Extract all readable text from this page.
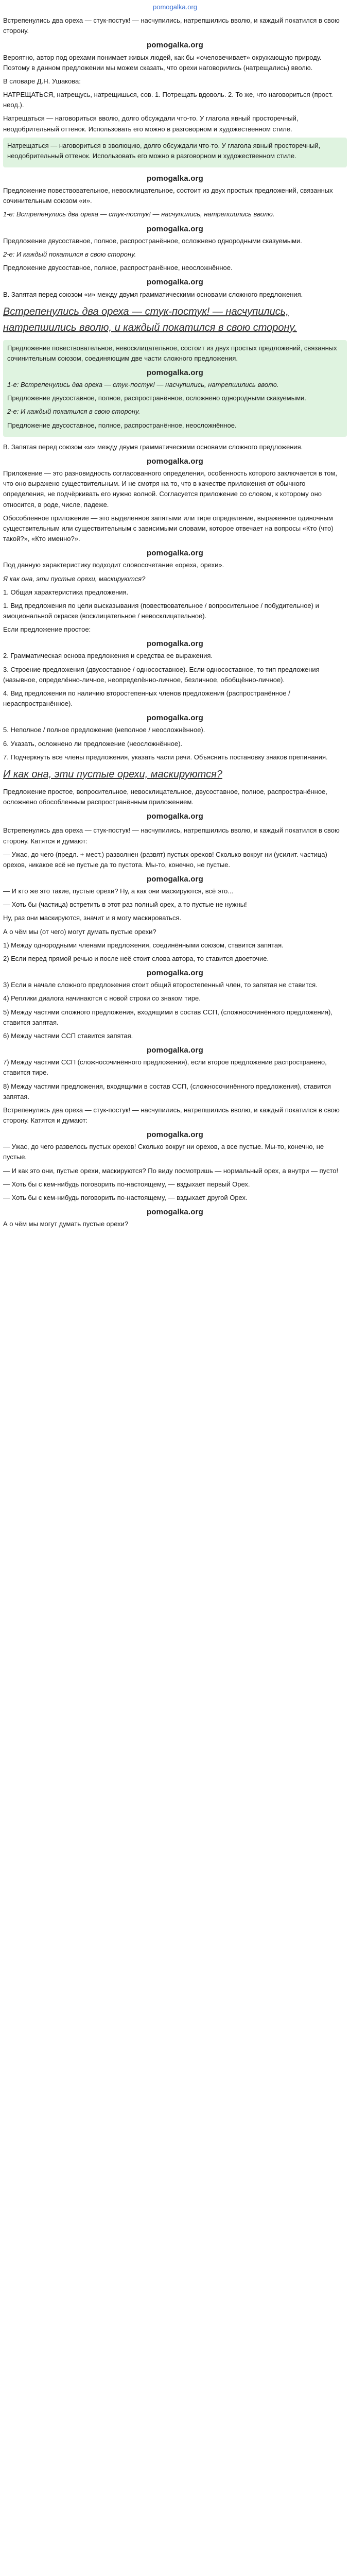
pomogalka.org

Встрепенулись два ореха — стук-постук! — насчупились, натрепшились вволю, и каждый покатился в свою сторону.

pomogalka.org

Вероятно, автор под орехами понимает живых людей, как бы «очеловечивает» окружающую природу. Поэтому в данном предложении мы можем сказать, что орехи наговорились (натрещались) вволю.

В словаре Д.Н. Ушакова:

НАТРЕЩАТЬСЯ, натрещусь, натрещишься, сов. 1. Потрещать вдоволь. 2. То же, что наговориться (прост. неод.).

Натрещаться — наговориться вволю, долго обсуждали что-то. У глагола явный просторечный, неодобрительный оттенок. Использовать его можно в разговорном и художественном стиле.

Натрещаться — наговориться в эволюцию, долго обсуждали что-то. У глагола явный просторечный, неодобрительный оттенок. Использовать его можно в разговорном и художественном стиле.

pomogalka.org

Предложение повествовательное, невосклицательное, состоит из двух простых предложений, связанных сочинительным союзом «и».

1-е: Встрепенулись два ореха — стук-постук! — насчупились, натрепшились вволю.

pomogalka.org

Предложение двусоставное, полное, распространённое, осложнено однородными сказуемыми.

2-е: И каждый покатился в свою сторону.

Предложение двусоставное, полное, распространённое, неосложнённое.

pomogalka.org

В. Запятая перед союзом «и» между двумя грамматическими основами сложного предложения.

Встрепенулись два ореха — стук-постук! — насчупились, натрепшились вволю, и каждый покатился в свою сторону.

Предложение повествовательное, невосклицательное, состоит из двух простых предложений, связанных сочинительным союзом, соединяющим две части сложного предложения.

pomogalka.org

1-е: Встрепенулись два ореха — стук-постук! — насчупились, натрепшились вволю.

Предложение двусоставное, полное, распространённое, осложнено однородными сказуемыми.

2-е: И каждый покатился в свою сторону.

Предложение двусоставное, полное, распространённое, неосложнённое.

В. Запятая перед союзом «и» между двумя грамматическими основами сложного предложения.

pomogalka.org

Приложение — это разновидность согласованного определения, особенность которого заключается в том, что оно выражено существительным. И не смотря на то, что в качестве приложения от обычного определения, не подчёркивать его нужно волной. Согласуется приложение со словом, к которому оно относится, в роде, числе, падеже.

Обособленное приложение — это выделенное запятыми или тире определение, выраженное одиночным существительным или существительным с зависимыми словами, которое отвечает на вопросы «Кто (что) такой?», «Кто именно?».

pomogalka.org

Под данную характеристику подходит словосочетание «ореха, орехи».

Я как она, эти пустые орехи, маскируются?

1. Общая характеристика предложения.

1. Вид предложения по цели высказывания (повествовательное / вопросительное / побудительное) и эмоциональной окраске (восклицательное / невосклицательное).

Если предложение простое:

pomogalka.org

2. Грамматическая основа предложения и средства ее выражения.

3. Строение предложения (двусоставное / односоставное). Если односоставное, то тип предложения (назывное, определённо-личное, неопределённо-личное, безличное, обобщённо-личное).

4. Вид предложения по наличию второстепенных членов предложения (распространённое / нераспространённое).

pomogalka.org

5. Неполное / полное предложение (неполное / неосложнённое).

6. Указать, осложнено ли предложение (неосложнённое).

7. Подчеркнуть все члены предложения, указать части речи. Объяснить постановку знаков препинания.

И как она, эти пустые орехи, маскируются?

Предложение простое, вопросительное, невосклицательное, двусоставное, полное, распространённое, осложнено обособленным распространённым приложением.

pomogalka.org

Встрепенулись два ореха — стук-постук! — насчупились, натрепшились вволю, и каждый покатился в свою сторону. Катятся и думают:

— Ужас, до чего (предл. + мест.) разволнен (развят) пустых орехов! Сколько вокруг ни (усилит. частица) орехов, никакое всё не пустые да то пустота. Мы-то, конечно, не пустые.

pomogalka.org

— И кто же это такие, пустые орехи? Ну, а как они маскируются, всё это...

— Хоть бы (частица) встретить в этот раз полный орех, а то пустые не нужны!

Ну, раз они маскируются, значит и я могу маскироваться.

А о чём мы (от чего) могут думать пустые орехи?

1) Между однородными членами предложения, соединёнными союзом, ставится запятая.

2) Если перед прямой речью и после неё стоит слова автора, то ставится двоеточие.

pomogalka.org

3) Если в начале сложного предложения стоит общий второстепенный член, то запятая не ставится.

4) Реплики диалога начинаются с новой строки со знаком тире.

5) Между частями сложного предложения, входящими в состав ССП, (сложносочинённого предложения), ставится запятая.

6) Между частями ССП ставится запятая.

pomogalka.org

7) Между частями ССП (сложносочинённого предложения), если второе предложение распространено, ставится тире.

8) Между частями предложения, входящими в состав ССП, (сложносочинённого предложения), ставится запятая.

Встрепенулись два ореха — стук-постук! — насчупились, натрепшились вволю, и каждый покатился в свою сторону. Катятся и думают:

pomogalka.org

— Ужас, до чего развелось пустых орехов! Сколько вокруг ни орехов, а все пустые. Мы-то, конечно, не пустые.

— И как это они, пустые орехи, маскируются? По виду посмотришь — нормальный орех, а внутри — пусто!

— Хоть бы с кем-нибудь поговорить по-настоящему, — вздыхает первый Орех.

— Хоть бы с кем-нибудь поговорить по-настоящему, — вздыхает другой Орех.

pomogalka.org

А о чём мы могут думать пустые орехи?
